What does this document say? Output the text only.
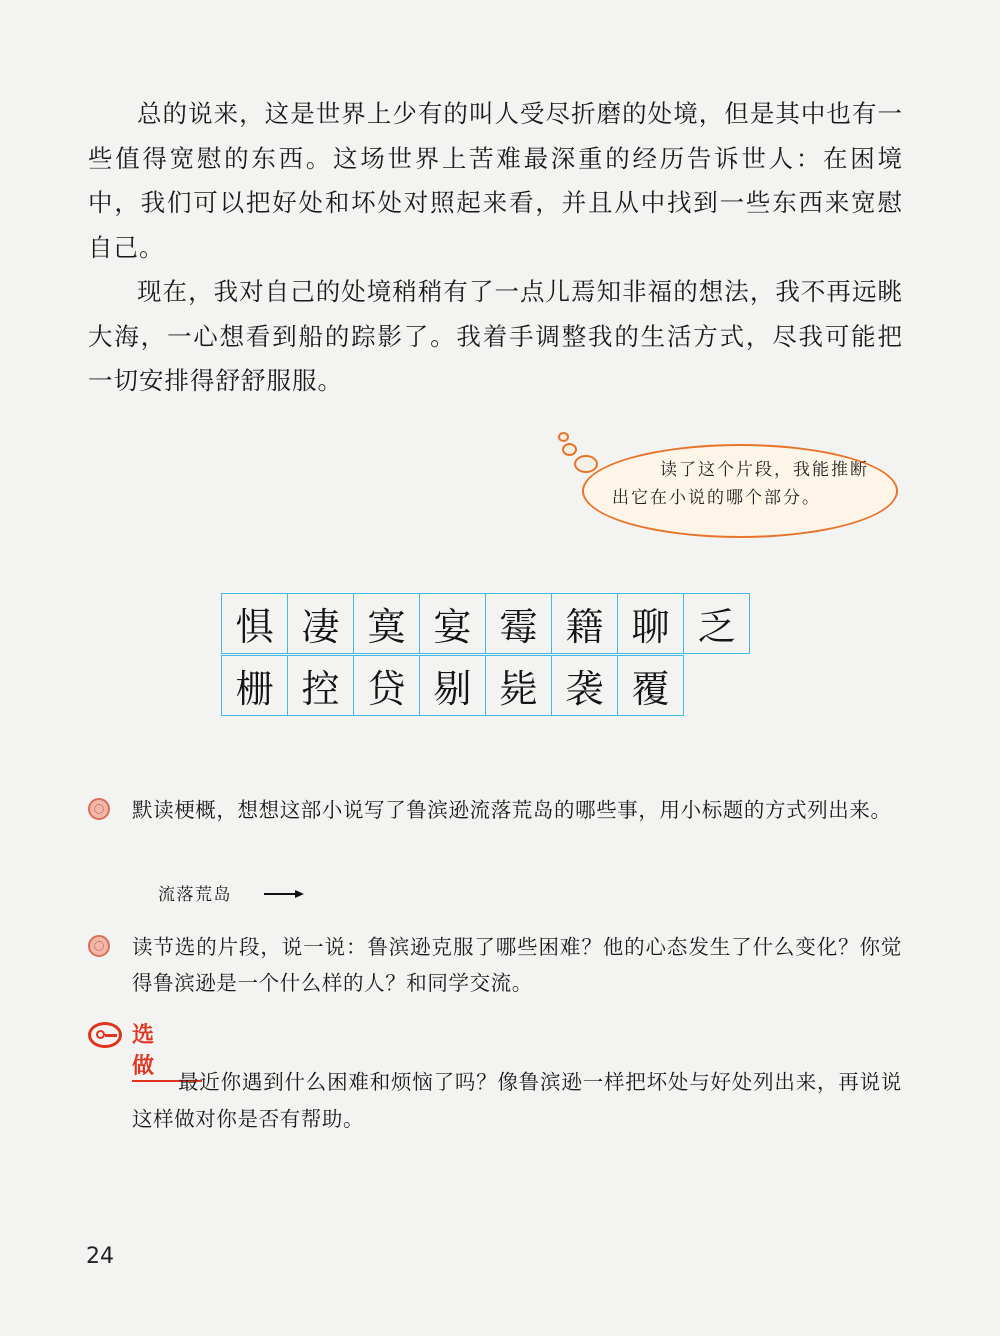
总的说来，这是世界上少有的叫人受尽折磨的处境，但是其中也有一些值得宽慰的东西。这场世界上苦难最深重的经历告诉世人：在困境中，我们可以把好处和坏处对照起来看，并且从中找到一些东西来宽慰自己。

现在，我对自己的处境稍稍有了一点儿焉知非福的想法，我不再远眺大海，一心想看到船的踪影了。我着手调整我的生活方式，尽我可能把一切安排得舒舒服服。

读了这个片段，我能推断出它在小说的哪个部分。

惧	凄	寞	宴	霉	籍	聊	乏
栅	控	贷	剔	毙	袭	覆

默读梗概，想想这部小说写了鲁滨逊流落荒岛的哪些事，用小标题的方式列出来。

流落荒岛

读节选的片段，说一说：鲁滨逊克服了哪些困难？他的心态发生了什么变化？你觉得鲁滨逊是一个什么样的人？和同学交流。

选做

最近你遇到什么困难和烦恼了吗？像鲁滨逊一样把坏处与好处列出来，再说说这样做对你是否有帮助。

24
